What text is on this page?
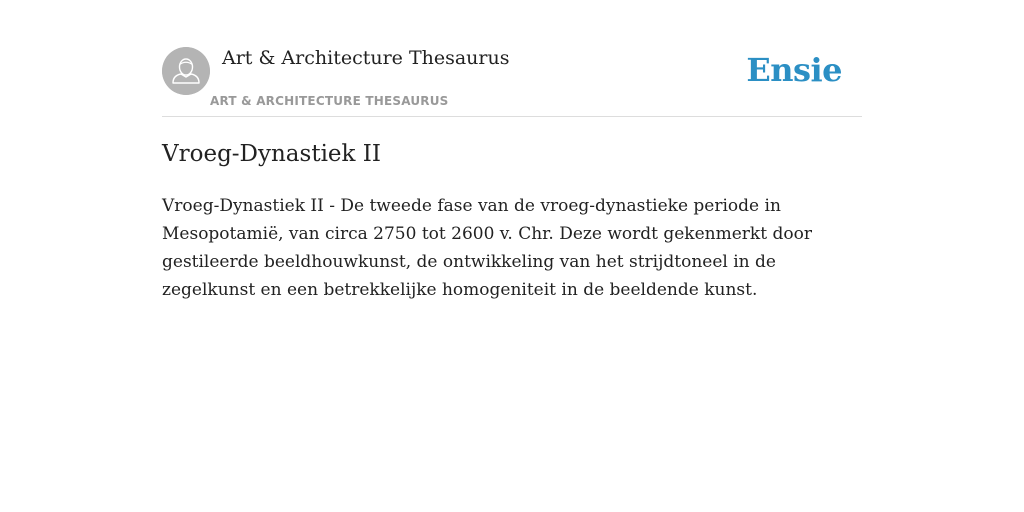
Art & Architecture Thesaurus
ART & ARCHITECTURE THESAURUS
Ensie
Vroeg-Dynastiek II

Vroeg-Dynastiek II - De tweede fase van de vroeg-dynastieke periode in Mesopotamië, van circa 2750 tot 2600 v. Chr. Deze wordt gekenmerkt door gestileerde beeldhouwkunst, de ontwikkeling van het strijdtoneel in de zegelkunst en een betrekkelijke homogeniteit in de beeldende kunst.
